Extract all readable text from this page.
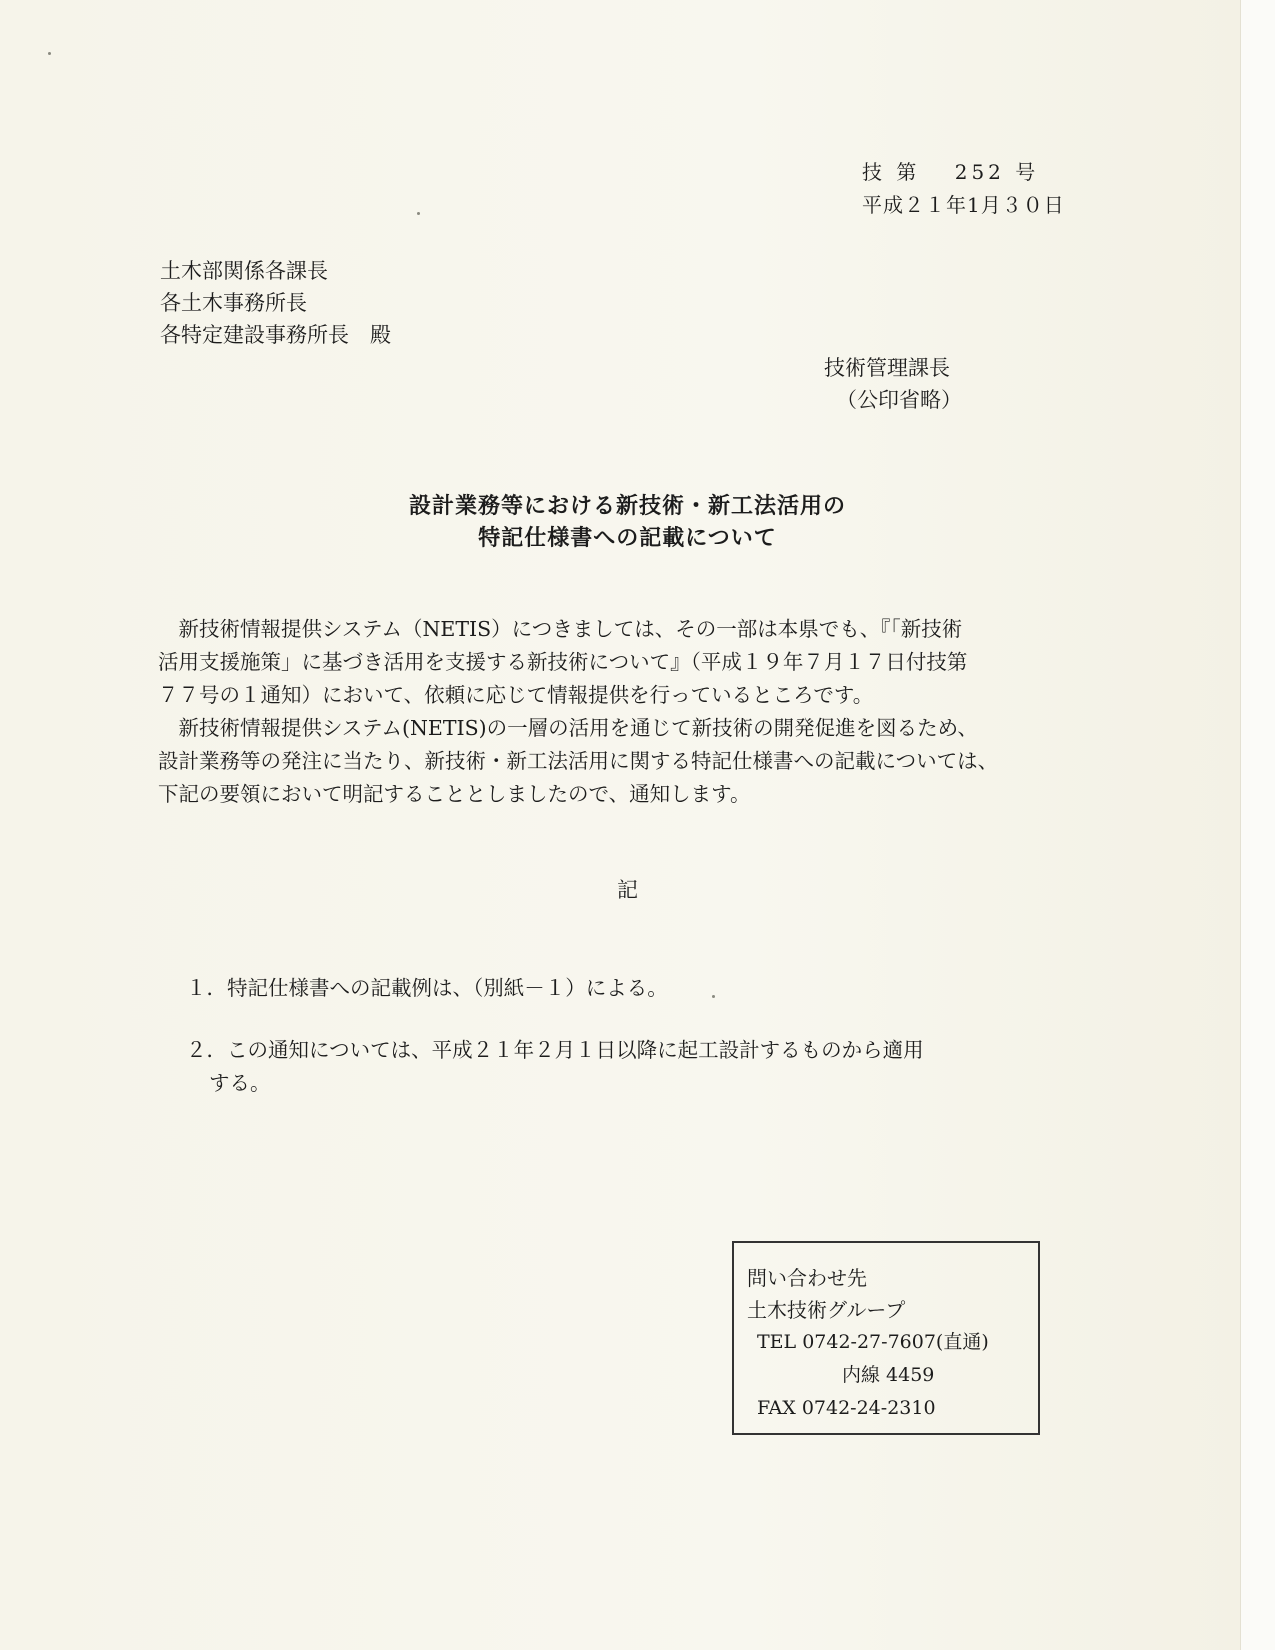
技 第　 252 号
平成２１年1月３０日
土木部関係各課長
各土木事務所長
各特定建設事務所長　殿
技術管理課長
（公印省略）
設計業務等における新技術・新工法活用の
特記仕様書への記載について
　新技術情報提供システム（NETIS）につきましては、その一部は本県でも、『「新技術
活用支援施策」に基づき活用を支援する新技術について』（平成１９年７月１７日付技第
７７号の１通知）において、依頼に応じて情報提供を行っているところです。
　新技術情報提供システム(NETIS)の一層の活用を通じて新技術の開発促進を図るため、
設計業務等の発注に当たり、新技術・新工法活用に関する特記仕様書への記載については、
下記の要領において明記することとしましたので、通知します。
記
１．特記仕様書への記載例は、（別紙－１）による。
２．この通知については、平成２１年２月１日以降に起工設計するものから適用
する。
問い合わせ先
土木技術グループ
TEL 0742-27-7607(直通)
内線 4459
FAX 0742-24-2310
